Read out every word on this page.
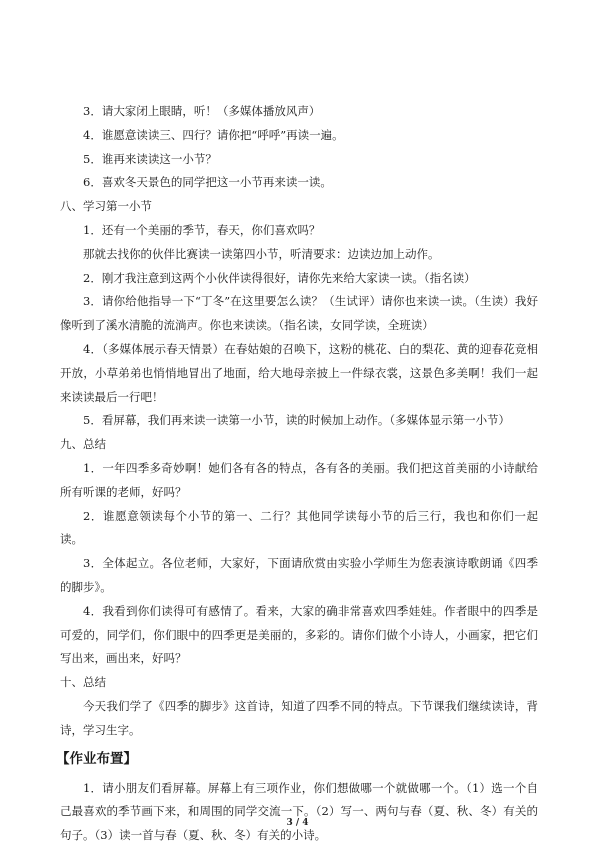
3．请大家闭上眼睛，听！（多媒体播放风声）

4．谁愿意读读三、四行？请你把“呼呼”再读一遍。

5．谁再来读读这一小节？

6．喜欢冬天景色的同学把这一小节再来读一读。

八、学习第一小节

1．还有一个美丽的季节，春天，你们喜欢吗？

那就去找你的伙伴比赛读一读第四小节，听清要求：边读边加上动作。

2．刚才我注意到这两个小伙伴读得很好，请你先来给大家读一读。（指名读）

3．请你给他指导一下“丁冬”在这里要怎么读？（生试评）请你也来读一读。（生读）我好像听到了溪水清脆的流淌声。你也来读读。（指名读，女同学读，全班读）

4．（多媒体展示春天情景）在春姑娘的召唤下，这粉的桃花、白的梨花、黄的迎春花竞相开放，小草弟弟也悄悄地冒出了地面，给大地母亲披上一件绿衣裳，这景色多美啊！我们一起来读读最后一行吧！

5．看屏幕，我们再来读一读第一小节，读的时候加上动作。（多媒体显示第一小节）

九、总结

1．一年四季多奇妙啊！她们各有各的特点，各有各的美丽。我们把这首美丽的小诗献给所有听课的老师，好吗？

2．谁愿意领读每个小节的第一、二行？其他同学读每小节的后三行，我也和你们一起读。

3．全体起立。各位老师，大家好，下面请欣赏由实验小学师生为您表演诗歌朗诵《四季的脚步》。

4．我看到你们读得可有感情了。看来，大家的确非常喜欢四季娃娃。作者眼中的四季是可爱的，同学们，你们眼中的四季更是美丽的，多彩的。请你们做个小诗人，小画家，把它们写出来，画出来，好吗？

十、总结

今天我们学了《四季的脚步》这首诗，知道了四季不同的特点。下节课我们继续读诗，背诗，学习生字。

【作业布置】

1．请小朋友们看屏幕。屏幕上有三项作业，你们想做哪一个就做哪一个。（1）选一个自己最喜欢的季节画下来，和周围的同学交流一下。（2）写一、两句与春（夏、秋、冬）有关的句子。（3）读一首与春（夏、秋、冬）有关的小诗。

3 / 4
